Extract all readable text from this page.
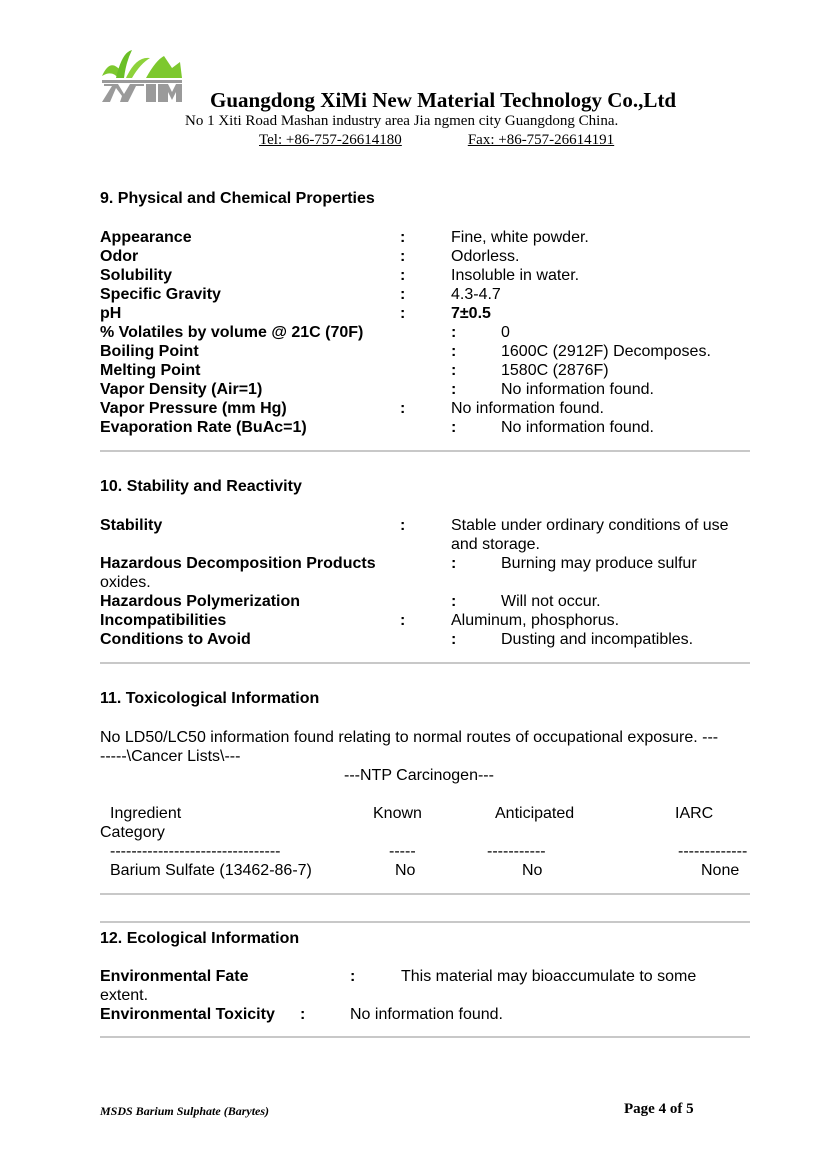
Guangdong XiMi New Material Technology Co.,Ltd
No 1 Xiti Road Mashan industry area Jia ngmen city Guangdong China.
Tel: +86-757-26614180	Fax: +86-757-26614191
9. Physical and Chemical Properties
Appearance	:	Fine, white powder.
Odor	:	Odorless.
Solubility	:	Insoluble in water.
Specific Gravity	:	4.3-4.7
pH	:	7±0.5
% Volatiles by volume @ 21C (70F)	:	0
Boiling Point	:	1600C (2912F) Decomposes.
Melting Point	:	1580C (2876F)
Vapor Density (Air=1)	:	No information found.
Vapor Pressure (mm Hg)	:	No information found.
Evaporation Rate (BuAc=1)	:	No information found.
10. Stability and Reactivity
Stability	:	Stable under ordinary conditions of use
and storage.
Hazardous Decomposition Products	:	Burning may produce sulfur
oxides.
Hazardous Polymerization	:	Will not occur.
Incompatibilities	:	Aluminum, phosphorus.
Conditions to Avoid	:	Dusting and incompatibles.
11. Toxicological Information
No LD50/LC50 information found relating to normal routes of occupational exposure. ---
-----\Cancer Lists\---
---NTP Carcinogen---
Ingredient	Known	Anticipated	IARC
Category
--------------------------------	-----	-----------	-------------
Barium Sulfate (13462-86-7)	No	No	None
12. Ecological Information
Environmental Fate	:	This material may bioaccumulate to some
extent.
Environmental Toxicity :	No information found.
MSDS Barium Sulphate (Barytes)	Page 4 of 5
